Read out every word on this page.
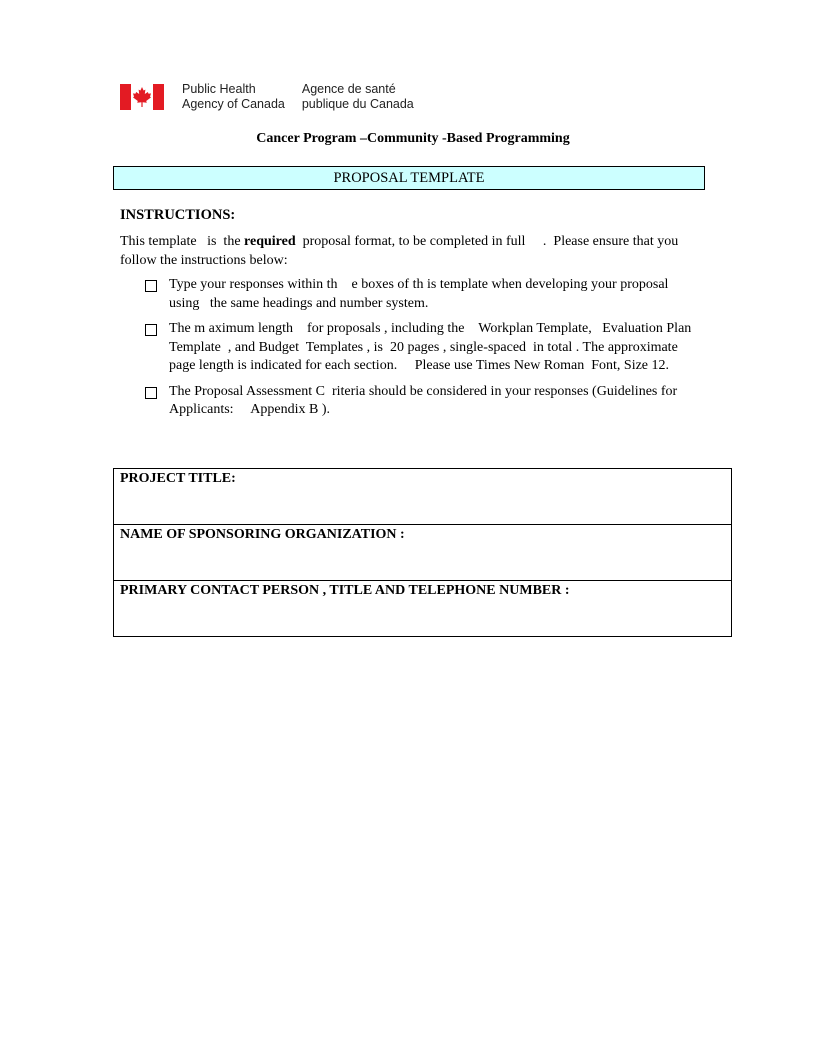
Public Health
Agency of Canada
Agence de santé
publique du Canada
Cancer Program –Community -Based Programming
PROPOSAL TEMPLATE
INSTRUCTIONS:
This template   is  the required  proposal format, to be completed in full     .  Please ensure that you follow the instructions below:
Type your responses within th    e boxes of th is template when developing your proposal using   the same headings and number system.
The m aximum length    for proposals , including the    Workplan Template,   Evaluation Plan Template  , and Budget  Templates , is  20 pages , single-spaced  in total . The approximate page length is indicated for each section.     Please use Times New Roman  Font, Size 12.
The Proposal Assessment C  riteria should be considered in your responses (Guidelines for Applicants:     Appendix B ).
PROJECT TITLE:
NAME OF SPONSORING ORGANIZATION :
PRIMARY CONTACT PERSON , TITLE AND TELEPHONE NUMBER :
